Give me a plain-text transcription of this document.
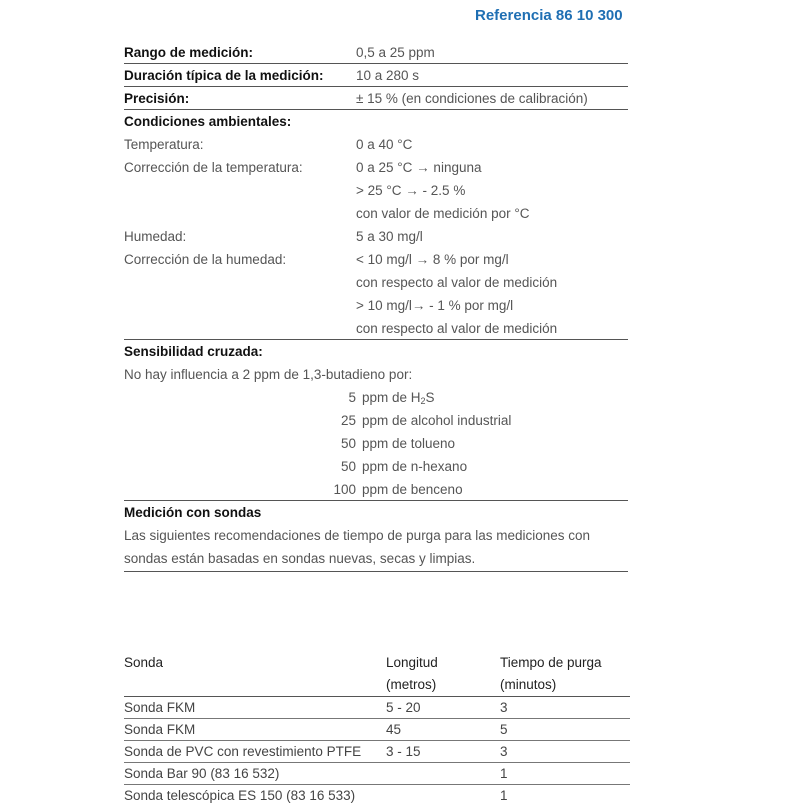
Referencia 86 10 300
Rango de medición:	0,5 a 25 ppm
Duración típica de la medición:	10 a 280 s
Precisión:	± 15 % (en condiciones de calibración)
Condiciones ambientales:
Temperatura:	0 a 40 °C
Corrección de la temperatura:	0 a 25 °C → ninguna
> 25 °C → - 2.5 %
con valor de medición por °C
Humedad:	5 a 30 mg/l
Corrección de la humedad:	< 10 mg/l → 8 % por mg/l
con respecto al valor de medición
> 10 mg/l→ - 1 % por mg/l
con respecto al valor de medición
Sensibilidad cruzada:
No hay influencia a 2 ppm de 1,3-butadieno por:
5 ppm de $H_2S$
25 ppm de alcohol industrial
50 ppm de tolueno
50 ppm de n-hexano
100 ppm de benceno
Medición con sondas
Las siguientes recomendaciones de tiempo de purga para las mediciones con sondas están basadas en sondas nuevas, secas y limpias.
Sonda	Longitud (metros)	Tiempo de purga (minutos)
Sonda FKM	5 - 20	3
Sonda FKM	45	5
Sonda de PVC con revestimiento PTFE	3 - 15	3
Sonda Bar 90 (83 16 532)		1
Sonda telescópica ES 150 (83 16 533)		1
